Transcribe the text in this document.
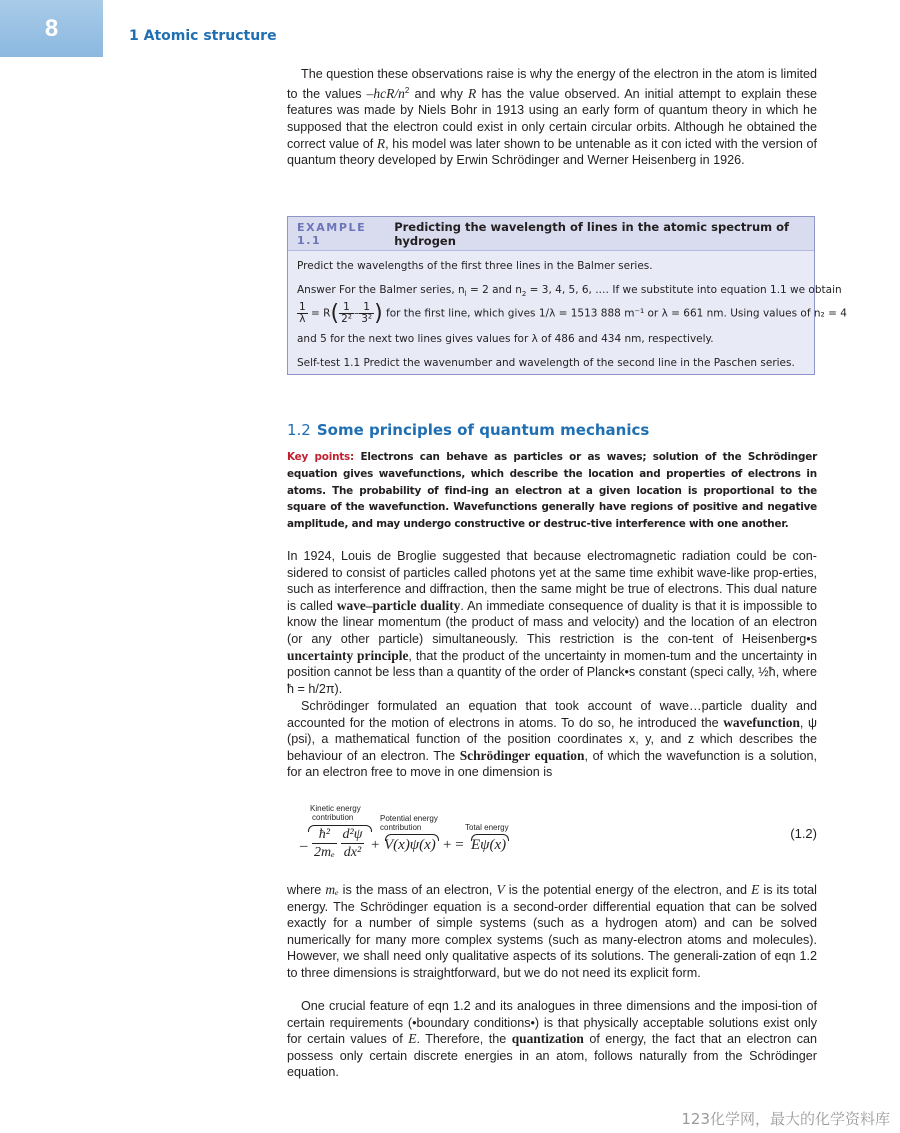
8	1 Atomic structure

The question these observations raise is why the energy of the electron in the atom is limited to the values $-hcR/n^2$ and why R has the value observed. An initial attempt to explain these features was made by Niels Bohr in 1913 using an early form of quantum theory in which he supposed that the electron could exist in only certain circular orbits. Although he obtained the correct value of R, his model was later shown to be untenable as it con icted with the version of quantum theory developed by Erwin Schrödinger and Werner Heisenberg in 1926.

EXAMPLE 1.1
Predicting the wavelength of lines in the atomic spectrum of hydrogen
Predict the wavelengths of the first three lines in the Balmer series.
Answer For the Balmer series, $n_l = 2$ and $n_2 = 3$, 4, 5, 6, .… If we substitute into equation 1.1 we obtain
$\frac{1}{\lambda} = R( \frac{1}{\text{2²}} - \frac{1}{\text{3²}}$ ) for the first line, which gives 1/λ = 1513 888 m⁻¹ or λ = 661 nm. Using values of n₂ = 4
and 5 for the next two lines gives values for λ of 486 and 434 nm, respectively.
Self-test 1.1 Predict the wavenumber and wavelength of the second line in the Paschen series.
1.2 Some principles of quantum mechanics

Key points: Electrons can behave as particles or as waves; solution of the Schrödinger equation gives wavefunctions, which describe the location and properties of electrons in atoms. The probability of find-ing an electron at a given location is proportional to the square of the wavefunction. Wavefunctions generally have regions of positive and negative amplitude, and may undergo constructive or destruc-tive interference with one another.

In 1924, Louis de Broglie suggested that because electromagnetic radiation could be con-sidered to consist of particles called photons yet at the same time exhibit wave-like prop-erties, such as interference and diffraction, then the same might be true of electrons. This dual nature is called wave–particle duality. An immediate consequence of duality is that it is impossible to know the linear momentum (the product of mass and velocity) and the location of an electron (or any other particle) simultaneously. This restriction is the con-tent of Heisenberg•s uncertainty principle, that the product of the uncertainty in momen-tum and the uncertainty in position cannot be less than a quantity of the order of Planck•s constant (speci cally, ½ħ, where ħ = h/2π).

Schrödinger formulated an equation that took account of wave…particle duality and accounted for the motion of electrons in atoms. To do so, he introduced the wavefunction, ψ (psi), a mathematical function of the position coordinates x, y, and z which describes the behaviour of an electron. The Schrödinger equation, of which the wavefunction is a solution, for an electron free to move in one dimension is

Kinetic energy
contribution	Potential energy
contribution	Total energy
– $\frac{\text{ħ²}}{\text{2mₑ}}$
$\frac{\text{d²ψ}}{\text{dx²}} + V(x)\psi(x)$ + = Eψ(x)
(1.2)

where mₑ is the mass of an electron, V is the potential energy of the electron, and E is its total energy. The Schrödinger equation is a second-order differential equation that can be solved exactly for a number of simple systems (such as a hydrogen atom) and can be solved numerically for many more complex systems (such as many-electron atoms and molecules). However, we shall need only qualitative aspects of its solutions. The generali-zation of eqn 1.2 to three dimensions is straightforward, but we do not need its explicit form.

One crucial feature of eqn 1.2 and its analogues in three dimensions and the imposi-tion of certain requirements (•boundary conditions•) is that physically acceptable solutions exist only for certain values of E. Therefore, the quantization of energy, the fact that an electron can possess only certain discrete energies in an atom, follows naturally from the Schrödinger equation.

123化学网，最大的化学资料库
